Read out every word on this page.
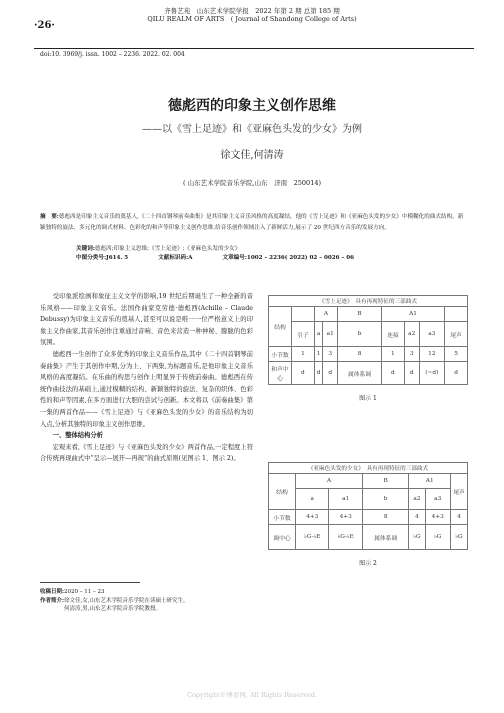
·26·
齐鲁艺苑　山东艺术学院学报　2022 年第 2 期 总第 185 期
QILU REALM OF ARTS　( Journal of Shandong College of Arts)
doi:10. 3969/j. issn. 1002 – 2236. 2022. 02. 004
德彪西的印象主义创作思维
——以《雪上足迹》和《亚麻色头发的少女》为例
徐文佳,何清涛
( 山东艺术学院音乐学院,山东　济南　250014)
摘　要:德彪西是印象主义音乐的奠基人,《二十四首钢琴前奏曲集》是其印象主义音乐风格的高度凝结。他的《雪上足迹》和《亚麻色头发的少女》中模糊化的曲式结构、新颖独特的旋法、多元化的调式材料、色彩化的和声等印象主义创作思维,给音乐创作领域注入了新鲜活力,展示了 20 世纪西方音乐的发展方向。
关键词:德彪西;印象主义思维;《雪上足迹》;《亚麻色头发的少女》
中图分类号:J614. 5	文献标识码:A	文章编号:1002 – 2236( 2022) 02 – 0026 – 06

受印象派绘画和象征主义文学的影响,19 世纪后期诞生了一种全新的音乐风格——印象主义音乐。法国作曲家克劳德·德彪西(Achille – Claude Debussy)为印象主义音乐的奠基人,甚至可以说是唯一一位严格意义上的印象主义作曲家,其音乐创作注重通过音响、音色来营造一种神秘、朦胧的色彩氛围。

德彪西一生创作了众多优秀的印象主义音乐作品,其中《二十四首钢琴前奏曲集》产生于其创作中期,分为上、下两集,为标题音乐,是他印象主义音乐风格的高度凝结。在乐曲的构思与创作上明显异于传统前奏曲。德彪西在传统作曲技法的基础上,通过模糊的结构、新颖独特的旋法、复杂的织体、色彩性的和声等因素,在多方面进行大胆的尝试与创新。本文将以《前奏曲集》第一集的两首作品——《雪上足迹》与《亚麻色头发的少女》的音乐结构为切入点,分析其独特的印象主义创作思维。

一、整体结构分析

宏观来看,《雪上足迹》与《亚麻色头发的少女》两首作品,一定程度上符合传统再现曲式中“呈示—展开—再现”的曲式原则(见图示 1、图示 2)。

收稿日期:2020 – 11 – 23
作者简介:徐文佳,女,山东艺术学院音乐学院在读硕士研究生。
何清涛,男,山东艺术学院音乐学院教授。
《雪上足迹》　具有再现特征的三部曲式								
结构		A		B	A1			
	引子	a	a1	b	连接	a2	a3	尾声
小节数	1	1	3	8	1	3	12	5
和声中心	d	d	d	属体系调	d	d	(~d)	d
图示 1
《亚麻色头发的少女》　具有再现特征的三部曲式						
结构	A		B	A1		尾声
	a	a1	b	a2	a3	
小节数	4+3	4+3	8	4	4+3	4
调中心	♭G-♭E	♭G-♭E	属体系调	♭G	♭G	♭G
图示 2
Copyright©博看网. All Rights Reserved.
